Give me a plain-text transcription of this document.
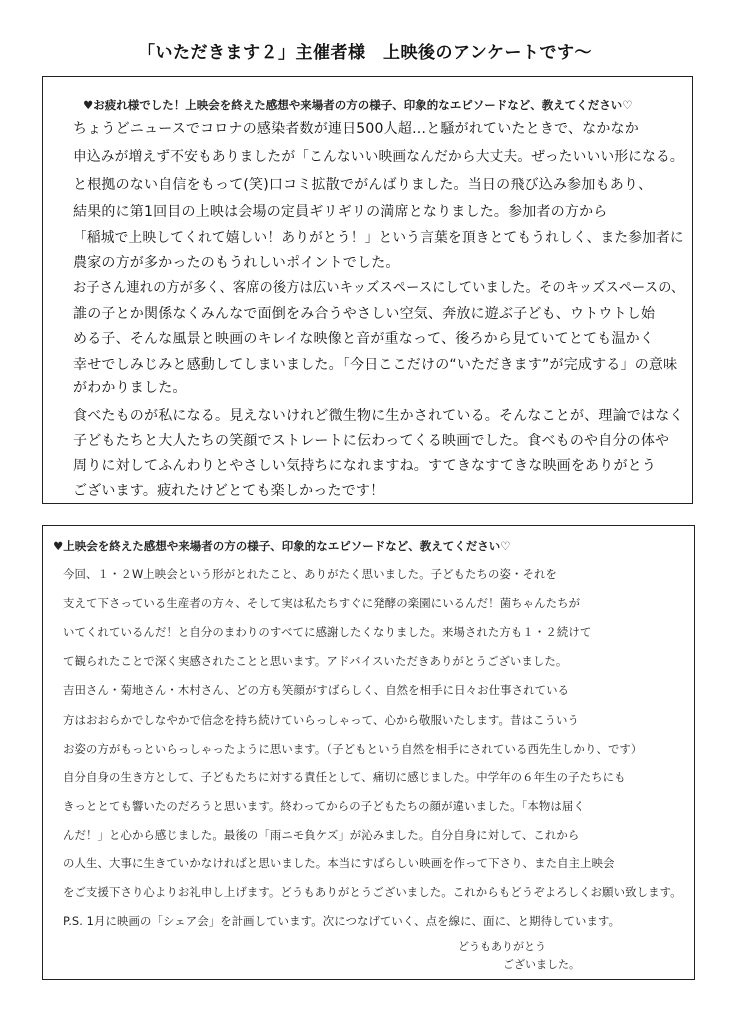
「いただきます２」主催者様　上映後のアンケートです〜
♥お疲れ様でした！上映会を終えた感想や来場者の方の様子、印象的なエピソードなど、教えてください♡
ちょうどニュースでコロナの感染者数が連日500人超…と騒がれていたときで、なかなか
申込みが増えず不安もありましたが「こんないい映画なんだから大丈夫。ぜったいいい形になる。
と根拠のない自信をもって(笑)口コミ拡散でがんばりました。当日の飛び込み参加もあり、
結果的に第1回目の上映は会場の定員ギリギリの満席となりました。参加者の方から
「稲城で上映してくれて嬉しい！ありがとう！」という言葉を頂きとてもうれしく、また参加者に
農家の方が多かったのもうれしいポイントでした。
お子さん連れの方が多く、客席の後方は広いキッズスペースにしていました。そのキッズスペースの、
誰の子とか関係なくみんなで面倒をみ合うやさしい空気、奔放に遊ぶ子ども、ウトウトし始
める子、そんな風景と映画のキレイな映像と音が重なって、後ろから見ていてとても温かく
幸せでしみじみと感動してしまいました。「今日ここだけの“いただきます”が完成する」の意味
がわかりました。
食べたものが私になる。見えないけれど微生物に生かされている。そんなことが、理論ではなく
子どもたちと大人たちの笑顔でストレートに伝わってくる映画でした。食べものや自分の体や
周りに対してふんわりとやさしい気持ちになれますね。すてきなすてきな映画をありがとう
ございます。疲れたけどとても楽しかったです！
♥上映会を終えた感想や来場者の方の様子、印象的なエピソードなど、教えてください♡
今回、１・２W上映会という形がとれたこと、ありがたく思いました。子どもたちの姿・それを
支えて下さっている生産者の方々、そして実は私たちすぐに発酵の楽園にいるんだ！菌ちゃんたちが
いてくれているんだ！と自分のまわりのすべてに感謝したくなりました。来場された方も１・２続けて
て観られたことで深く実感されたことと思います。アドバイスいただきありがとうございました。
吉田さん・菊地さん・木村さん、どの方も笑顔がすばらしく、自然を相手に日々お仕事されている
方はおおらかでしなやかで信念を持ち続けていらっしゃって、心から敬服いたします。昔はこういう
お姿の方がもっといらっしゃったように思います。（子どもという自然を相手にされている西先生しかり、です）
自分自身の生き方として、子どもたちに対する責任として、痛切に感じました。中学年の６年生の子たちにも
きっととても響いたのだろうと思います。終わってからの子どもたちの顔が違いました。「本物は届く
んだ！」と心から感じました。最後の「雨ニモ負ケズ」が沁みました。自分自身に対して、これから
の人生、大事に生きていかなければと思いました。本当にすばらしい映画を作って下さり、また自主上映会
をご支援下さり心よりお礼申し上げます。どうもありがとうございました。これからもどうぞよろしくお願い致します。
P.S. 1月に映画の「シェア会」を計画しています。次につなげていく、点を線に、面に、と期待しています。
どうもありがとう
ございました。
